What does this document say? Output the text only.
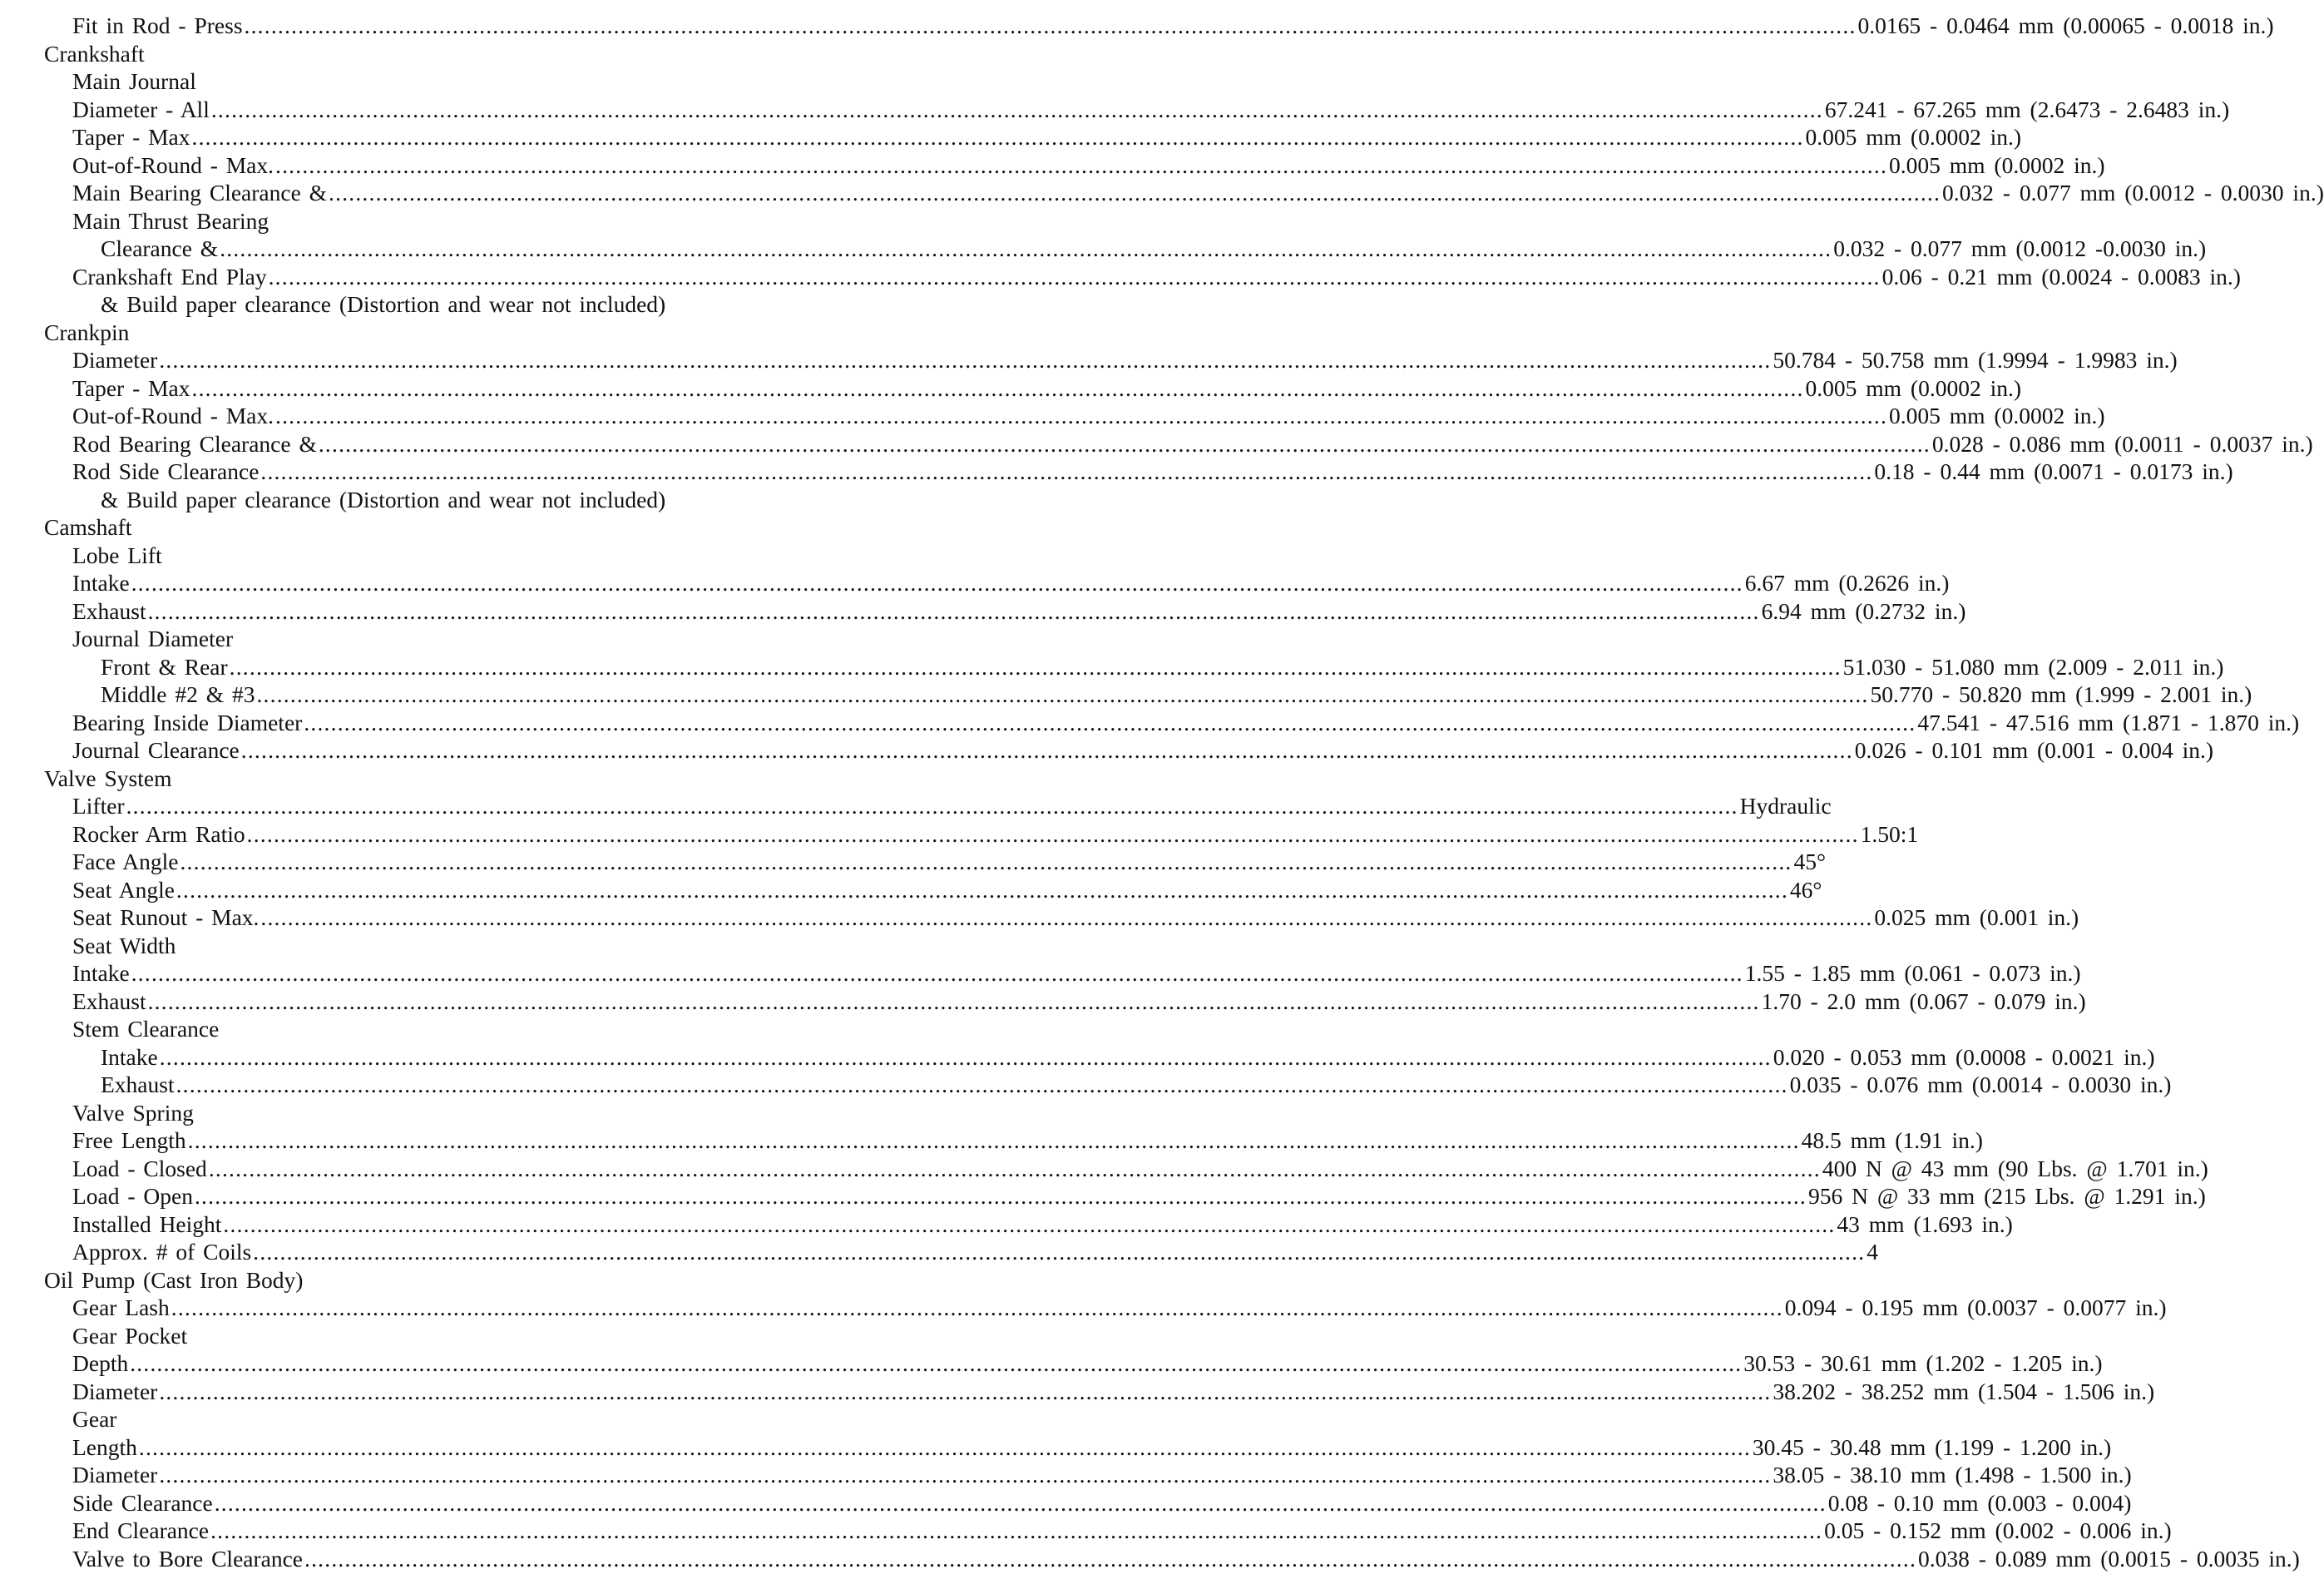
Fit in Rod - Press .....	0.0165 - 0.0464 mm (0.00065 - 0.0018 in.)
Crankshaft
Main Journal
Diameter - All .....	67.241 - 67.265 mm (2.6473 - 2.6483 in.)
Taper - Max .....	0.005 mm (0.0002 in.)
Out-of-Round - Max. .....	0.005 mm (0.0002 in.)
Main Bearing Clearance & .....	0.032 - 0.077 mm (0.0012 - 0.0030 in.)
Main Thrust Bearing
Clearance & .....	0.032 - 0.077 mm (0.0012 -0.0030 in.)
Crankshaft End Play .....	0.06 - 0.21 mm (0.0024 - 0.0083 in.)
& Build paper clearance (Distortion and wear not included)
Crankpin
Diameter .....	50.784 - 50.758 mm (1.9994 - 1.9983 in.)
Taper - Max .....	0.005 mm (0.0002 in.)
Out-of-Round - Max. .....	0.005 mm (0.0002 in.)
Rod Bearing Clearance & .....	0.028 - 0.086 mm (0.0011 - 0.0037 in.)
Rod Side Clearance .....	0.18 - 0.44 mm (0.0071 - 0.0173 in.)
& Build paper clearance (Distortion and wear not included)
Camshaft
Lobe Lift
Intake .....	6.67 mm (0.2626 in.)
Exhaust .....	6.94 mm (0.2732 in.)
Journal Diameter
Front & Rear .....	51.030 - 51.080 mm (2.009 - 2.011 in.)
Middle #2 & #3 .....	50.770 - 50.820 mm (1.999 - 2.001 in.)
Bearing Inside Diameter .....	47.541 - 47.516 mm (1.871 - 1.870 in.)
Journal Clearance .....	0.026 - 0.101 mm (0.001 - 0.004 in.)
Valve System
Lifter .....	Hydraulic
Rocker Arm Ratio .....	1.50:1
Face Angle .....	45°
Seat Angle .....	46°
Seat Runout - Max. .....	0.025 mm (0.001 in.)
Seat Width
Intake .....	1.55 - 1.85 mm (0.061 - 0.073 in.)
Exhaust .....	1.70 - 2.0 mm (0.067 - 0.079 in.)
Stem Clearance
Intake .....	0.020 - 0.053 mm (0.0008 - 0.0021 in.)
Exhaust .....	0.035 - 0.076 mm (0.0014 - 0.0030 in.)
Valve Spring
Free Length .....	48.5 mm (1.91 in.)
Load - Closed .....	400 N @ 43 mm (90 Lbs. @ 1.701 in.)
Load - Open .....	956 N @ 33 mm (215 Lbs. @ 1.291 in.)
Installed Height .....	43 mm (1.693 in.)
Approx. # of Coils .....	4
Oil Pump (Cast Iron Body)
Gear Lash .....	0.094 - 0.195 mm (0.0037 - 0.0077 in.)
Gear Pocket
Depth .....	30.53 - 30.61 mm (1.202 - 1.205 in.)
Diameter .....	38.202 - 38.252 mm (1.504 - 1.506 in.)
Gear
Length .....	30.45 - 30.48 mm (1.199 - 1.200 in.)
Diameter .....	38.05 - 38.10 mm (1.498 - 1.500 in.)
Side Clearance .....	0.08 - 0.10 mm (0.003 - 0.004)
End Clearance .....	0.05 - 0.152 mm (0.002 - 0.006 in.)
Valve to Bore Clearance .....	0.038 - 0.089 mm (0.0015 - 0.0035 in.)
